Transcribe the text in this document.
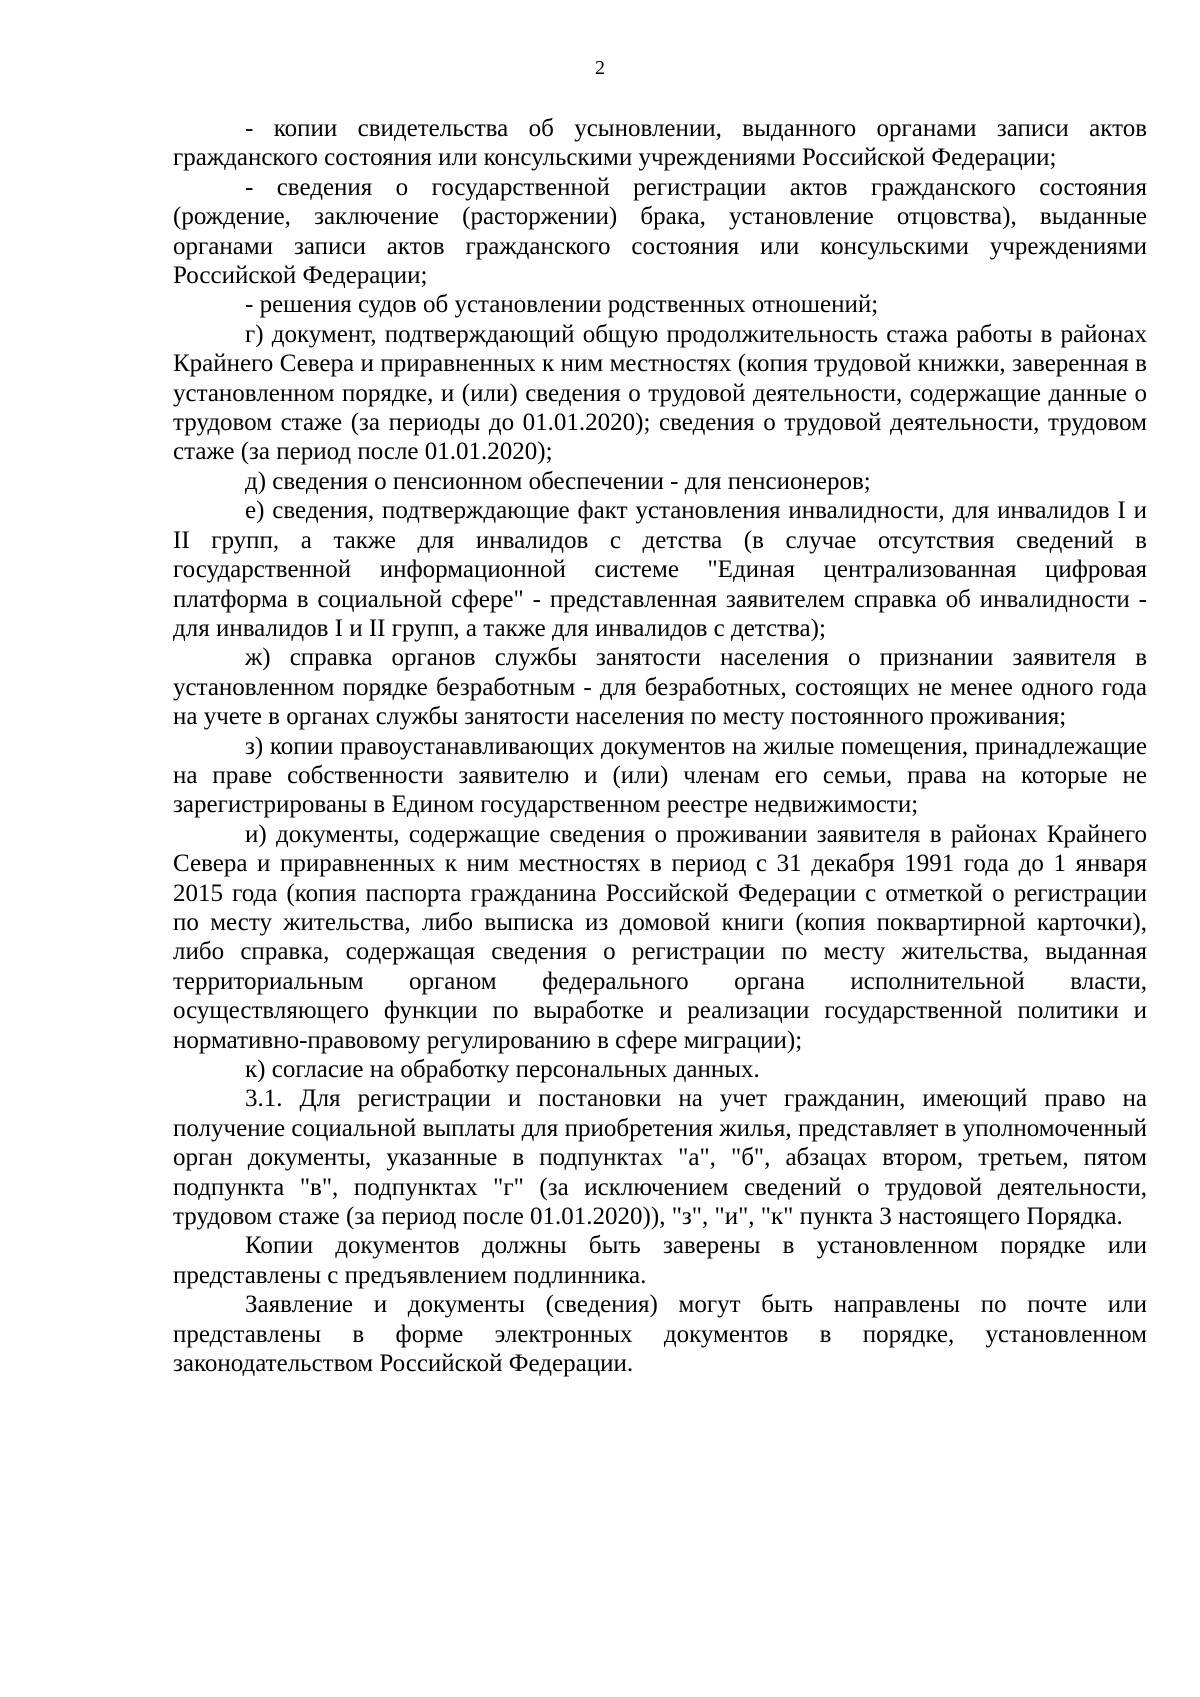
2

- копии свидетельства об усыновлении, выданного органами записи актов гражданского состояния или консульскими учреждениями Российской Федерации;

- сведения о государственной регистрации актов гражданского состояния (рождение, заключение (расторжении) брака, установление отцовства), выданные органами записи актов гражданского состояния или консульскими учреждениями Российской Федерации;

- решения судов об установлении родственных отношений;

г) документ, подтверждающий общую продолжительность стажа работы в районах Крайнего Севера и приравненных к ним местностях (копия трудовой книжки, заверенная в установленном порядке, и (или) сведения о трудовой деятельности, содержащие данные о трудовом стаже (за периоды до 01.01.2020); сведения о трудовой деятельности, трудовом стаже (за период после 01.01.2020);

д) сведения о пенсионном обеспечении - для пенсионеров;

е) сведения, подтверждающие факт установления инвалидности, для инвалидов I и II групп, а также для инвалидов с детства (в случае отсутствия сведений в государственной информационной системе "Единая централизованная цифровая платформа в социальной сфере" - представленная заявителем справка об инвалидности - для инвалидов I и II групп, а также для инвалидов с детства);

ж) справка органов службы занятости населения о признании заявителя в установленном порядке безработным - для безработных, состоящих не менее одного года на учете в органах службы занятости населения по месту постоянного проживания;

з) копии правоустанавливающих документов на жилые помещения, принадлежащие на праве собственности заявителю и (или) членам его семьи, права на которые не зарегистрированы в Едином государственном реестре недвижимости;

и) документы, содержащие сведения о проживании заявителя в районах Крайнего Севера и приравненных к ним местностях в период с 31 декабря 1991 года до 1 января 2015 года (копия паспорта гражданина Российской Федерации с отметкой о регистрации по месту жительства, либо выписка из домовой книги (копия поквартирной карточки), либо справка, содержащая сведения о регистрации по месту жительства, выданная территориальным органом федерального органа исполнительной власти, осуществляющего функции по выработке и реализации государственной политики и нормативно-правовому регулированию в сфере миграции);

к) согласие на обработку персональных данных.

3.1. Для регистрации и постановки на учет гражданин, имеющий право на получение социальной выплаты для приобретения жилья, представляет в уполномоченный орган документы, указанные в подпунктах "а", "б", абзацах втором, третьем, пятом подпункта "в", подпунктах "г" (за исключением сведений о трудовой деятельности, трудовом стаже (за период после 01.01.2020)), "з", "и", "к" пункта 3 настоящего Порядка.

Копии документов должны быть заверены в установленном порядке или представлены с предъявлением подлинника.

Заявление и документы (сведения) могут быть направлены по почте или представлены в форме электронных документов в порядке, установленном законодательством Российской Федерации.
